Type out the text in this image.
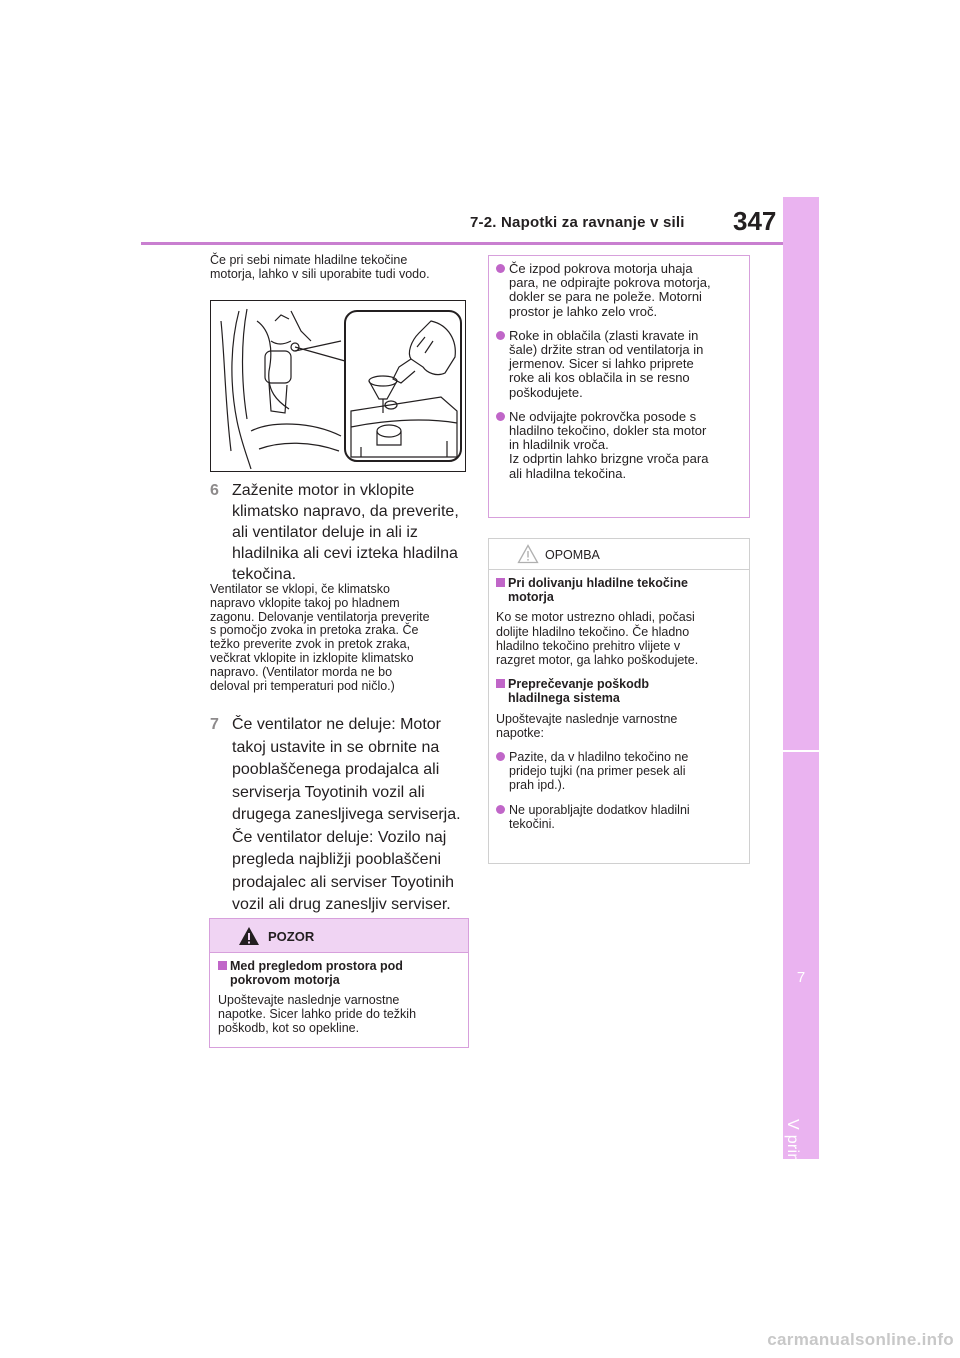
7-2. Napotki za ravnanje v sili 347
7
V primeru težav
Če pri sebi nimate hladilne tekočine
motorja, lahko v sili uporabite tudi vodo.
6 Zaženite motor in vklopite
klimatsko napravo, da preverite,
ali ventilator deluje in ali iz
hladilnika ali cevi izteka hladilna
tekočina.
Ventilator se vklopi, če klimatsko
napravo vklopite takoj po hladnem
zagonu. Delovanje ventilatorja preverite
s pomočjo zvoka in pretoka zraka. Če
težko preverite zvok in pretok zraka,
večkrat vklopite in izklopite klimatsko
napravo. (Ventilator morda ne bo
deloval pri temperaturi pod ničlo.)
7 Če ventilator ne deluje: Motor
takoj ustavite in se obrnite na
pooblaščenega prodajalca ali
serviserja Toyotinih vozil ali
drugega zanesljivega serviserja.
Če ventilator deluje: Vozilo naj
pregleda najbližji pooblaščeni
prodajalec ali serviser Toyotinih
vozil ali drug zanesljiv serviser.
POZOR
Med pregledom prostora pod
pokrovom motorja
Upoštevajte naslednje varnostne
napotke. Sicer lahko pride do težkih
poškodb, kot so opekline.
Če izpod pokrova motorja uhaja
para, ne odpirajte pokrova motorja,
dokler se para ne poleže. Motorni
prostor je lahko zelo vroč.
Roke in oblačila (zlasti kravate in
šale) držite stran od ventilatorja in
jermenov. Sicer si lahko priprete
roke ali kos oblačila in se resno
poškodujete.
Ne odvijajte pokrovčka posode s
hladilno tekočino, dokler sta motor
in hladilnik vroča.
Iz odprtin lahko brizgne vroča para
ali hladilna tekočina.
OPOMBA
Pri dolivanju hladilne tekočine
motorja
Ko se motor ustrezno ohladi, počasi
dolijte hladilno tekočino. Če hladno
hladilno tekočino prehitro vlijete v
razgret motor, ga lahko poškodujete.
Preprečevanje poškodb
hladilnega sistema
Upoštevajte naslednje varnostne
napotke:
Pazite, da v hladilno tekočino ne
pridejo tujki (na primer pesek ali
prah ipd.).
Ne uporabljajte dodatkov hladilni
tekočini.
carmanualsonline.info
